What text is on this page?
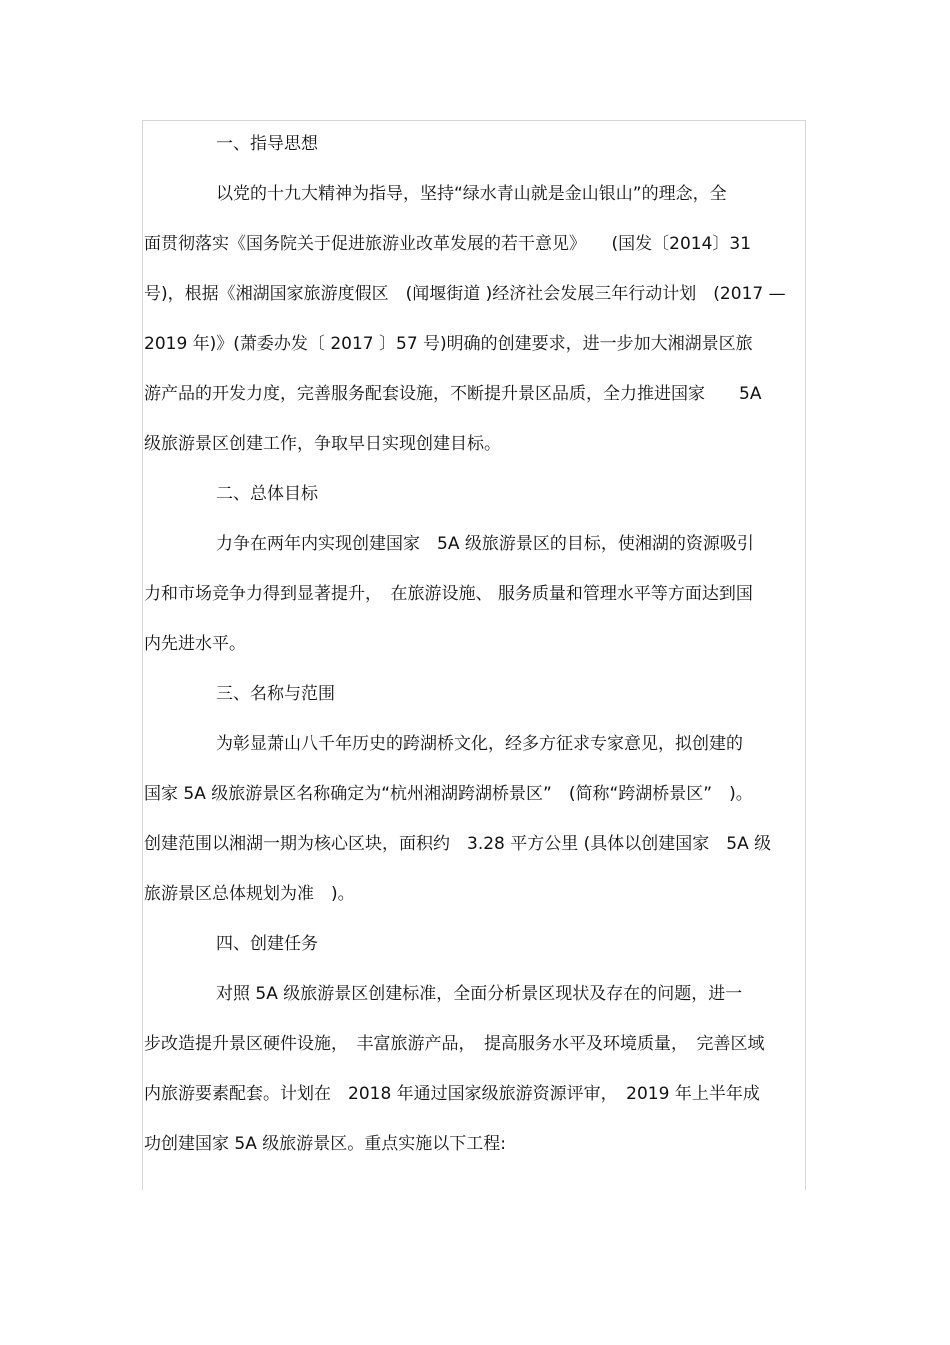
一、指导思想
以党的十九大精神为指导，坚持“绿水青山就是金山银山”的理念，全
面贯彻落实《国务院关于促进旅游业改革发展的若干意见》　　(国发〔2014〕31
号)，根据《湘湖国家旅游度假区　(闻堰街道 )经济社会发展三年行动计划　(2017 —
2019 年)》(萧委办发〔 2017 〕57 号)明确的创建要求，进一步加大湘湖景区旅
游产品的开发力度，完善服务配套设施，不断提升景区品质，全力推进国家　　5A
级旅游景区创建工作，争取早日实现创建目标。
二、总体目标
力争在两年内实现创建国家　5A 级旅游景区的目标，使湘湖的资源吸引
力和市场竞争力得到显著提升，　在旅游设施、 服务质量和管理水平等方面达到国
内先进水平。
三、名称与范围
为彰显萧山八千年历史的跨湖桥文化，经多方征求专家意见，拟创建的
国家 5A 级旅游景区名称确定为“杭州湘湖跨湖桥景区”　(简称“跨湖桥景区”　)。
创建范围以湘湖一期为核心区块，面积约　3.28 平方公里 (具体以创建国家　5A 级
旅游景区总体规划为准　)。
四、创建任务
对照 5A 级旅游景区创建标准，全面分析景区现状及存在的问题，进一
步改造提升景区硬件设施，　丰富旅游产品，　提高服务水平及环境质量，　完善区域
内旅游要素配套。计划在　2018 年通过国家级旅游资源评审，　2019 年上半年成
功创建国家 5A 级旅游景区。重点实施以下工程:
